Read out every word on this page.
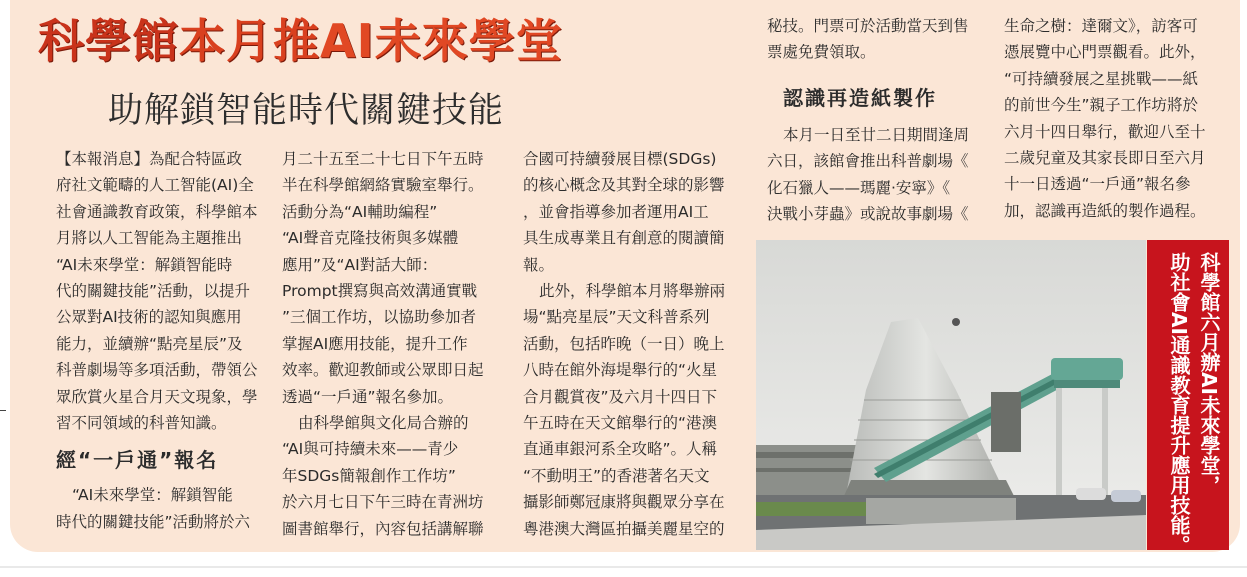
科學館本月推AI未來學堂
助解鎖智能時代關鍵技能

【本報消息】為配合特區政

府社文範疇的人工智能(AI)全

社會通識教育政策，科學館本

月將以人工智能為主題推出

“AI未來學堂：解鎖智能時

代的關鍵技能”活動，以提升

公眾對AI技術的認知與應用

能力，並續辦“點亮星辰”及

科普劇場等多項活動，帶領公

眾欣賞火星合月天文現象，學

習不同領域的科普知識。

經“一戶通”報名

“AI未來學堂：解鎖智能

時代的關鍵技能”活動將於六

月二十五至二十七日下午五時

半在科學館網絡實驗室舉行。

活動分為“AI輔助編程”

“AI聲音克隆技術與多媒體

應用”及“AI對話大師：

Prompt撰寫與高效溝通實戰

”三個工作坊，以協助參加者

掌握AI應用技能，提升工作

效率。歡迎教師或公眾即日起

透過“一戶通”報名參加。

由科學館與文化局合辦的

“AI與可持續未來——青少

年SDGs簡報創作工作坊”

於六月七日下午三時在青洲坊

圖書館舉行，內容包括講解聯

合國可持續發展目標(SDGs)

的核心概念及其對全球的影響

，並會指導參加者運用AI工

具生成專業且有創意的閱讀簡

報。

此外，科學館本月將舉辦兩

場“點亮星辰”天文科普系列

活動，包括昨晚（一日）晚上

八時在館外海堤舉行的“火星

合月觀賞夜”及六月十四日下

午五時在天文館舉行的“港澳

直通車銀河系全攻略”。人稱

“不動明王”的香港著名天文

攝影師鄭冠康將與觀眾分享在

粵港澳大灣區拍攝美麗星空的

秘技。門票可於活動當天到售

票處免費領取。

認識再造紙製作

本月一日至廿二日期間逢周

六日，該館會推出科普劇場《

化石獵人——瑪麗·安寧》《

決戰小芽蟲》或說故事劇場《

生命之樹：達爾文》，訪客可

憑展覽中心門票觀看。此外，

“可持續發展之星挑戰——紙

的前世今生”親子工作坊將於

六月十四日舉行，歡迎八至十

二歲兒童及其家長即日至六月

十一日透過“一戶通”報名參

加，認識再造紙的製作過程。

科學館六月辦AI未來學堂，
助社會AI通識教育提升應用技能。
